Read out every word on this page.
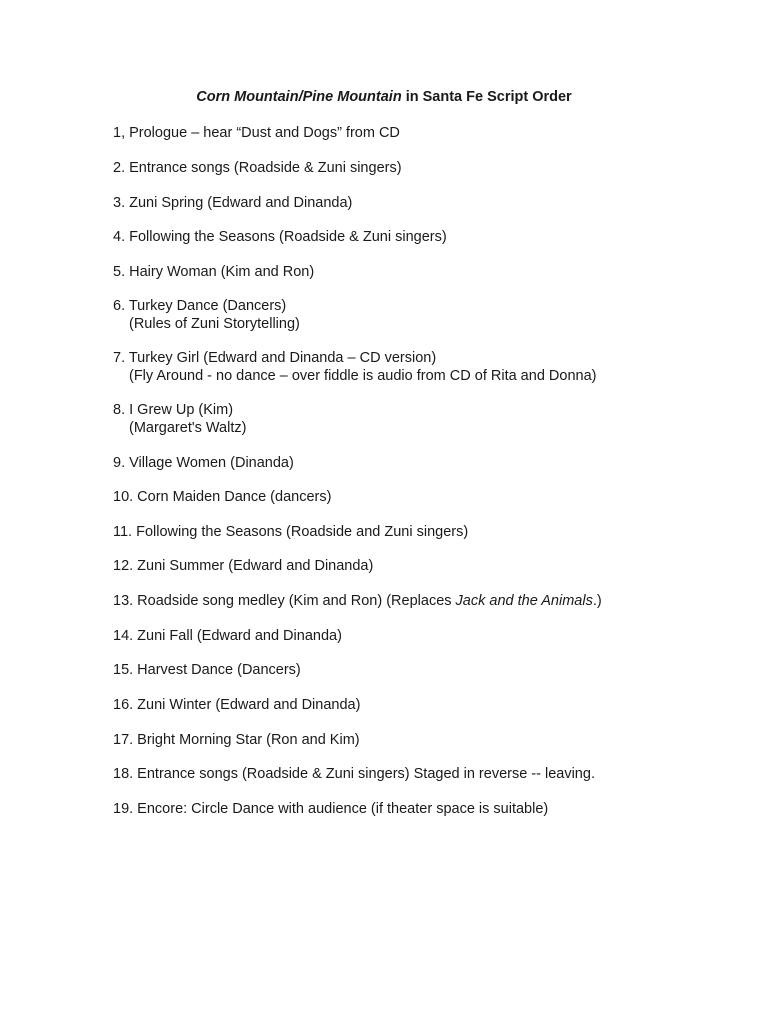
Corn Mountain/Pine Mountain in Santa Fe Script Order
1, Prologue – hear “Dust and Dogs” from CD
2. Entrance songs (Roadside & Zuni singers)
3. Zuni Spring (Edward and Dinanda)
4. Following the Seasons (Roadside & Zuni singers)
5. Hairy Woman (Kim and Ron)
6. Turkey Dance (Dancers)
(Rules of Zuni Storytelling)
7. Turkey Girl (Edward and Dinanda – CD version)
(Fly Around - no dance – over fiddle is audio from CD of Rita and Donna)
8. I Grew Up (Kim)
(Margaret's Waltz)
9. Village Women (Dinanda)
10. Corn Maiden Dance (dancers)
11. Following the Seasons (Roadside and Zuni singers)
12. Zuni Summer (Edward and Dinanda)
13. Roadside song medley (Kim and Ron) (Replaces Jack and the Animals.)
14. Zuni Fall (Edward and Dinanda)
15. Harvest Dance (Dancers)
16. Zuni Winter (Edward and Dinanda)
17. Bright Morning Star (Ron and Kim)
18. Entrance songs (Roadside & Zuni singers) Staged in reverse -- leaving.
19. Encore: Circle Dance with audience (if theater space is suitable)
